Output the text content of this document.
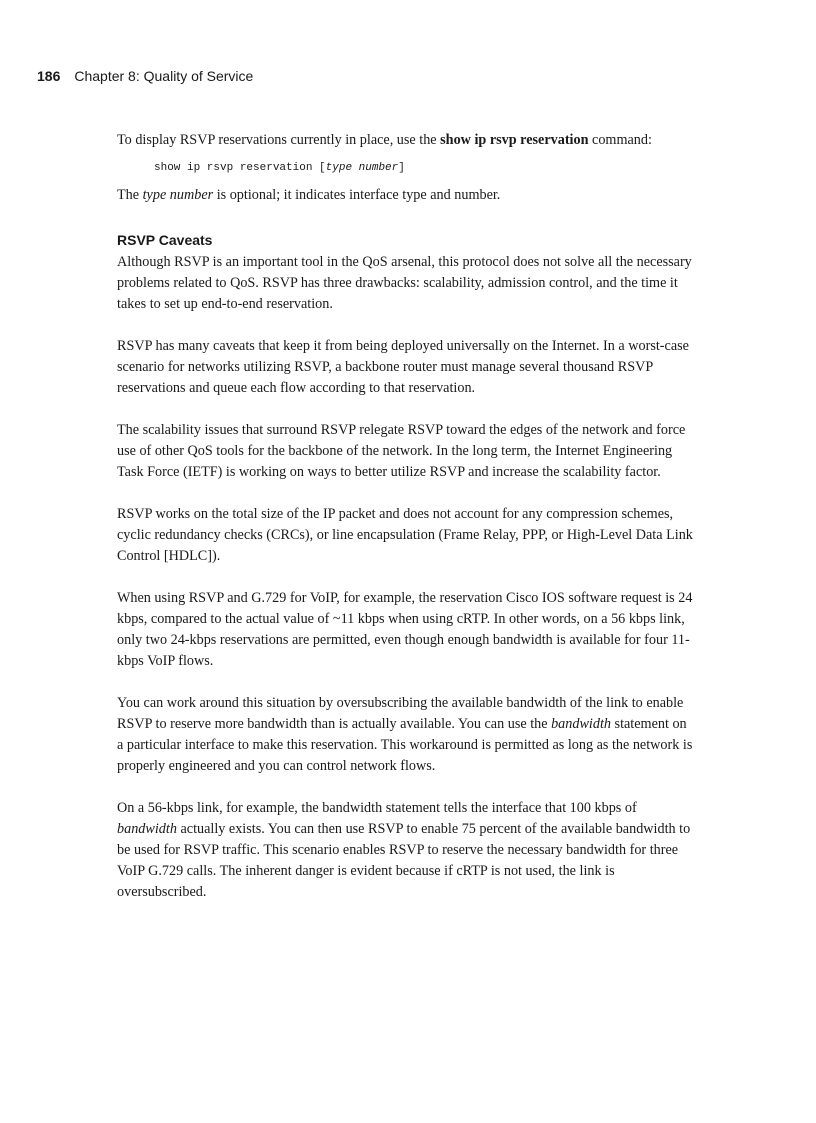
186 Chapter 8: Quality of Service

To display RSVP reservations currently in place, use the show ip rsvp reservation command:

show ip rsvp reservation [type number]

The type number is optional; it indicates interface type and number.

RSVP Caveats

Although RSVP is an important tool in the QoS arsenal, this protocol does not solve all the necessary problems related to QoS. RSVP has three drawbacks: scalability, admission control, and the time it takes to set up end-to-end reservation.

RSVP has many caveats that keep it from being deployed universally on the Internet. In a worst-case scenario for networks utilizing RSVP, a backbone router must manage several thousand RSVP reservations and queue each flow according to that reservation.

The scalability issues that surround RSVP relegate RSVP toward the edges of the network and force use of other QoS tools for the backbone of the network. In the long term, the Internet Engineering Task Force (IETF) is working on ways to better utilize RSVP and increase the scalability factor.

RSVP works on the total size of the IP packet and does not account for any compression schemes, cyclic redundancy checks (CRCs), or line encapsulation (Frame Relay, PPP, or High-Level Data Link Control [HDLC]).

When using RSVP and G.729 for VoIP, for example, the reservation Cisco IOS software request is 24 kbps, compared to the actual value of ~11 kbps when using cRTP. In other words, on a 56 kbps link, only two 24-kbps reservations are permitted, even though enough bandwidth is available for four 11-kbps VoIP flows.

You can work around this situation by oversubscribing the available bandwidth of the link to enable RSVP to reserve more bandwidth than is actually available. You can use the bandwidth statement on a particular interface to make this reservation. This workaround is permitted as long as the network is properly engineered and you can control network flows.

On a 56-kbps link, for example, the bandwidth statement tells the interface that 100 kbps of bandwidth actually exists. You can then use RSVP to enable 75 percent of the available bandwidth to be used for RSVP traffic. This scenario enables RSVP to reserve the necessary bandwidth for three VoIP G.729 calls. The inherent danger is evident because if cRTP is not used, the link is oversubscribed.
